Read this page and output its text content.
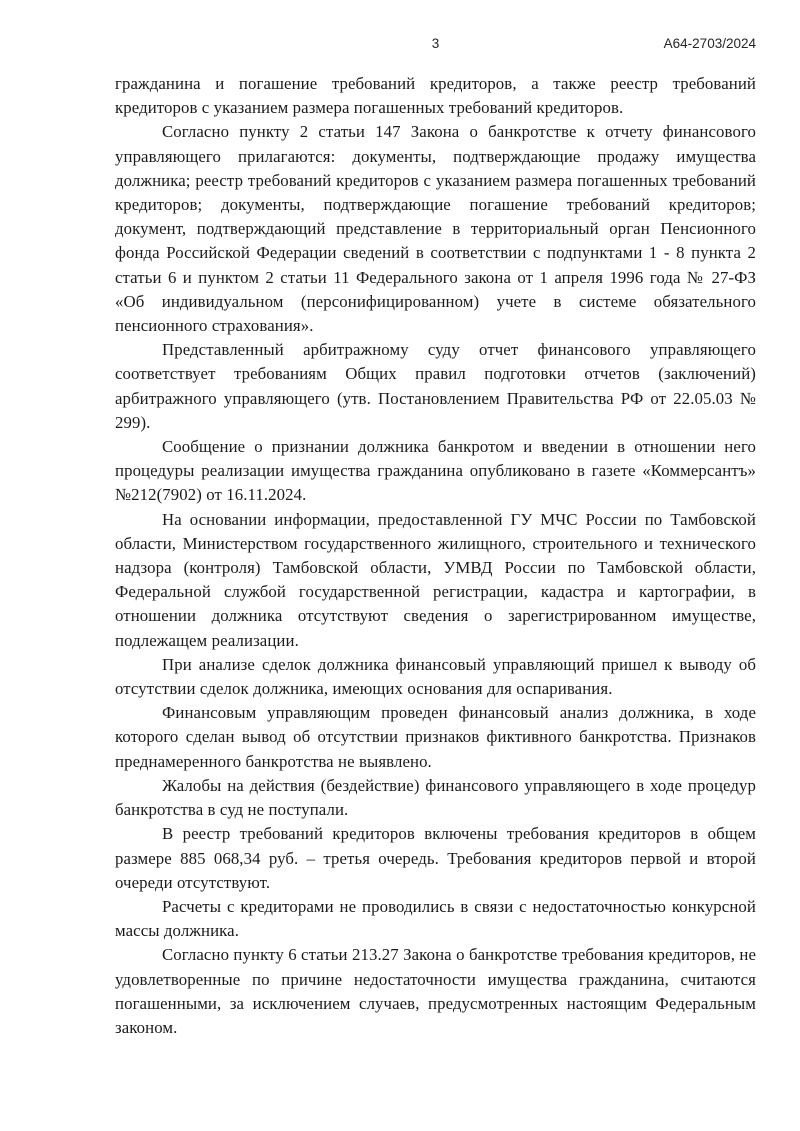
3	А64-2703/2024

гражданина и погашение требований кредиторов, а также реестр требований кредиторов с указанием размера погашенных требований кредиторов.

Согласно пункту 2 статьи 147 Закона о банкротстве к отчету финансового управляющего прилагаются: документы, подтверждающие продажу имущества должника; реестр требований кредиторов с указанием размера погашенных требований кредиторов; документы, подтверждающие погашение требований кредиторов; документ, подтверждающий представление в территориальный орган Пенсионного фонда Российской Федерации сведений в соответствии с подпунктами 1 - 8 пункта 2 статьи 6 и пунктом 2 статьи 11 Федерального закона от 1 апреля 1996 года № 27-ФЗ «Об индивидуальном (персонифицированном) учете в системе обязательного пенсионного страхования».

Представленный арбитражному суду отчет финансового управляющего соответствует требованиям Общих правил подготовки отчетов (заключений) арбитражного управляющего (утв. Постановлением Правительства РФ от 22.05.03 № 299).

Сообщение о признании должника банкротом и введении в отношении него процедуры реализации имущества гражданина опубликовано в газете «Коммерсантъ» №212(7902) от 16.11.2024.

На основании информации, предоставленной ГУ МЧС России по Тамбовской области, Министерством государственного жилищного, строительного и технического надзора (контроля) Тамбовской области, УМВД России по Тамбовской области, Федеральной службой государственной регистрации, кадастра и картографии, в отношении должника отсутствуют сведения о зарегистрированном имуществе, подлежащем реализации.

При анализе сделок должника финансовый управляющий пришел к выводу об отсутствии сделок должника, имеющих основания для оспаривания.

Финансовым управляющим проведен финансовый анализ должника, в ходе которого сделан вывод об отсутствии признаков фиктивного банкротства. Признаков преднамеренного банкротства не выявлено.

Жалобы на действия (бездействие) финансового управляющего в ходе процедур банкротства в суд не поступали.

В реестр требований кредиторов включены требования кредиторов в общем размере 885 068,34 руб. – третья очередь. Требования кредиторов первой и второй очереди отсутствуют.

Расчеты с кредиторами не проводились в связи с недостаточностью конкурсной массы должника.

Согласно пункту 6 статьи 213.27 Закона о банкротстве требования кредиторов, не удовлетворенные по причине недостаточности имущества гражданина, считаются погашенными, за исключением случаев, предусмотренных настоящим Федеральным законом.
